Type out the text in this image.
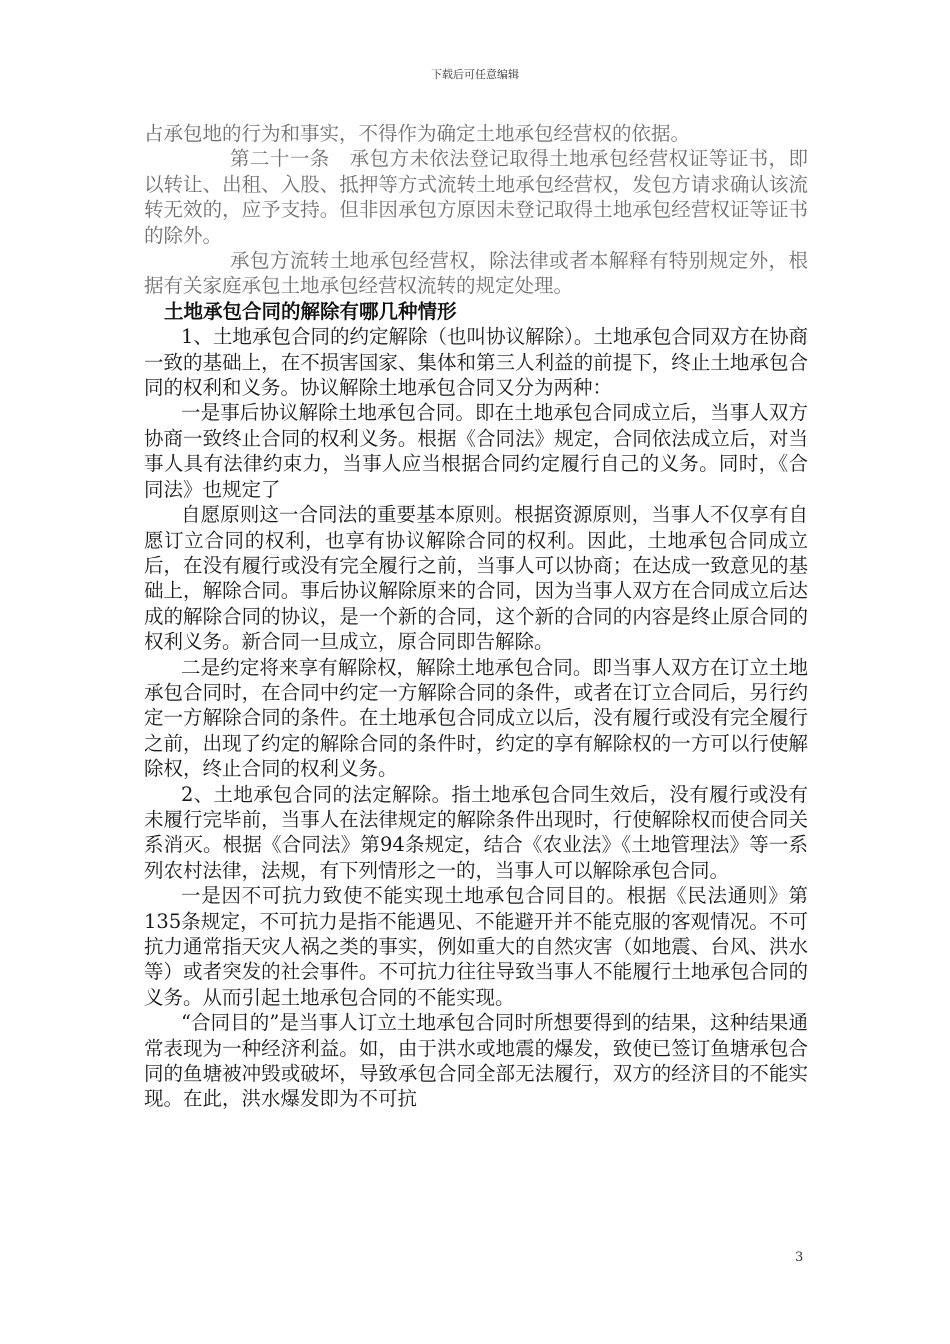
下载后可任意编辑

占承包地的行为和事实，不得作为确定土地承包经营权的依据。

第二十一条　承包方未依法登记取得土地承包经营权证等证书，即以转让、出租、入股、抵押等方式流转土地承包经营权，发包方请求确认该流转无效的，应予支持。但非因承包方原因未登记取得土地承包经营权证等证书的除外。

承包方流转土地承包经营权，除法律或者本解释有特别规定外，根据有关家庭承包土地承包经营权流转的规定处理。

土地承包合同的解除有哪几种情形

1、土地承包合同的约定解除（也叫协议解除）。土地承包合同双方在协商一致的基础上，在不损害国家、集体和第三人利益的前提下，终止土地承包合同的权利和义务。协议解除土地承包合同又分为两种：

一是事后协议解除土地承包合同。即在土地承包合同成立后，当事人双方协商一致终止合同的权利义务。根据《合同法》规定，合同依法成立后，对当事人具有法律约束力，当事人应当根据合同约定履行自己的义务。同时，《合同法》也规定了

自愿原则这一合同法的重要基本原则。根据资源原则，当事人不仅享有自愿订立合同的权利，也享有协议解除合同的权利。因此，土地承包合同成立后，在没有履行或没有完全履行之前，当事人可以协商；在达成一致意见的基础上，解除合同。事后协议解除原来的合同，因为当事人双方在合同成立后达成的解除合同的协议，是一个新的合同，这个新的合同的内容是终止原合同的权利义务。新合同一旦成立，原合同即告解除。

二是约定将来享有解除权，解除土地承包合同。即当事人双方在订立土地承包合同时，在合同中约定一方解除合同的条件，或者在订立合同后，另行约定一方解除合同的条件。在土地承包合同成立以后，没有履行或没有完全履行之前，出现了约定的解除合同的条件时，约定的享有解除权的一方可以行使解除权，终止合同的权利义务。

2、土地承包合同的法定解除。指土地承包合同生效后，没有履行或没有未履行完毕前，当事人在法律规定的解除条件出现时，行使解除权而使合同关系消灭。根据《合同法》第94条规定，结合《农业法》《土地管理法》等一系列农村法律，法规，有下列情形之一的，当事人可以解除承包合同。

一是因不可抗力致使不能实现土地承包合同目的。根据《民法通则》第135条规定，不可抗力是指不能遇见、不能避开并不能克服的客观情况。不可抗力通常指天灾人祸之类的事实，例如重大的自然灾害（如地震、台风、洪水等）或者突发的社会事件。不可抗力往往导致当事人不能履行土地承包合同的义务。从而引起土地承包合同的不能实现。

“合同目的”是当事人订立土地承包合同时所想要得到的结果，这种结果通常表现为一种经济利益。如，由于洪水或地震的爆发，致使已签订鱼塘承包合同的鱼塘被冲毁或破坏，导致承包合同全部无法履行，双方的经济目的不能实现。在此，洪水爆发即为不可抗

3
